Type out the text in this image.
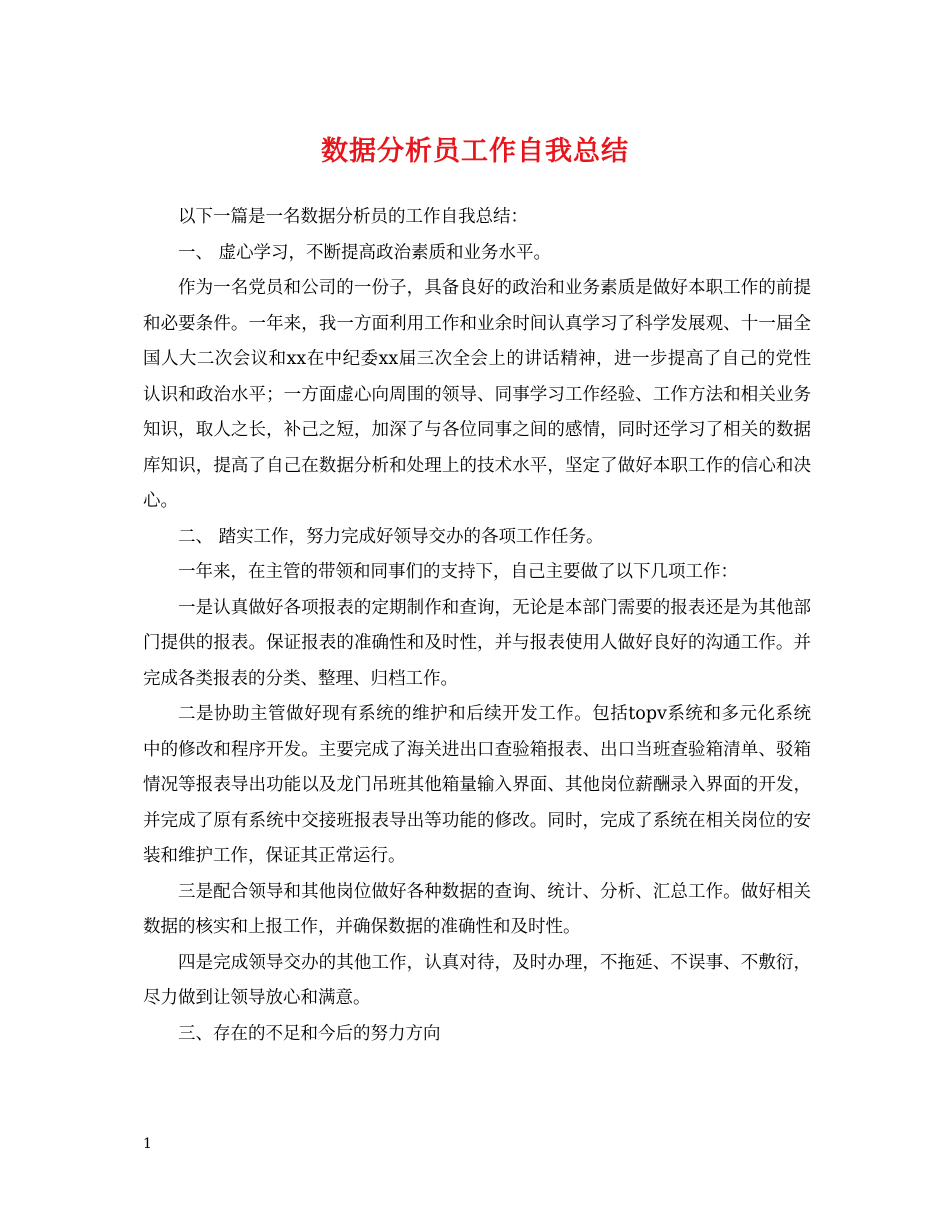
数据分析员工作自我总结

以下一篇是一名数据分析员的工作自我总结：

一、 虚心学习，不断提高政治素质和业务水平。

作为一名党员和公司的一份子，具备良好的政治和业务素质是做好本职工作的前提和必要条件。一年来，我一方面利用工作和业余时间认真学习了科学发展观、十一届全国人大二次会议和xx在中纪委xx届三次全会上的讲话精神，进一步提高了自己的党性认识和政治水平；一方面虚心向周围的领导、同事学习工作经验、工作方法和相关业务知识，取人之长，补己之短，加深了与各位同事之间的感情，同时还学习了相关的数据库知识，提高了自己在数据分析和处理上的技术水平，坚定了做好本职工作的信心和决心。

二、 踏实工作，努力完成好领导交办的各项工作任务。

一年来，在主管的带领和同事们的支持下，自己主要做了以下几项工作：

一是认真做好各项报表的定期制作和查询，无论是本部门需要的报表还是为其他部门提供的报表。保证报表的准确性和及时性，并与报表使用人做好良好的沟通工作。并完成各类报表的分类、整理、归档工作。

二是协助主管做好现有系统的维护和后续开发工作。包括topv系统和多元化系统中的修改和程序开发。主要完成了海关进出口查验箱报表、出口当班查验箱清单、驳箱情况等报表导出功能以及龙门吊班其他箱量输入界面、其他岗位薪酬录入界面的开发，并完成了原有系统中交接班报表导出等功能的修改。同时，完成了系统在相关岗位的安装和维护工作，保证其正常运行。

三是配合领导和其他岗位做好各种数据的查询、统计、分析、汇总工作。做好相关数据的核实和上报工作，并确保数据的准确性和及时性。

四是完成领导交办的其他工作，认真对待，及时办理，不拖延、不误事、不敷衍，尽力做到让领导放心和满意。

三、存在的不足和今后的努力方向

1
